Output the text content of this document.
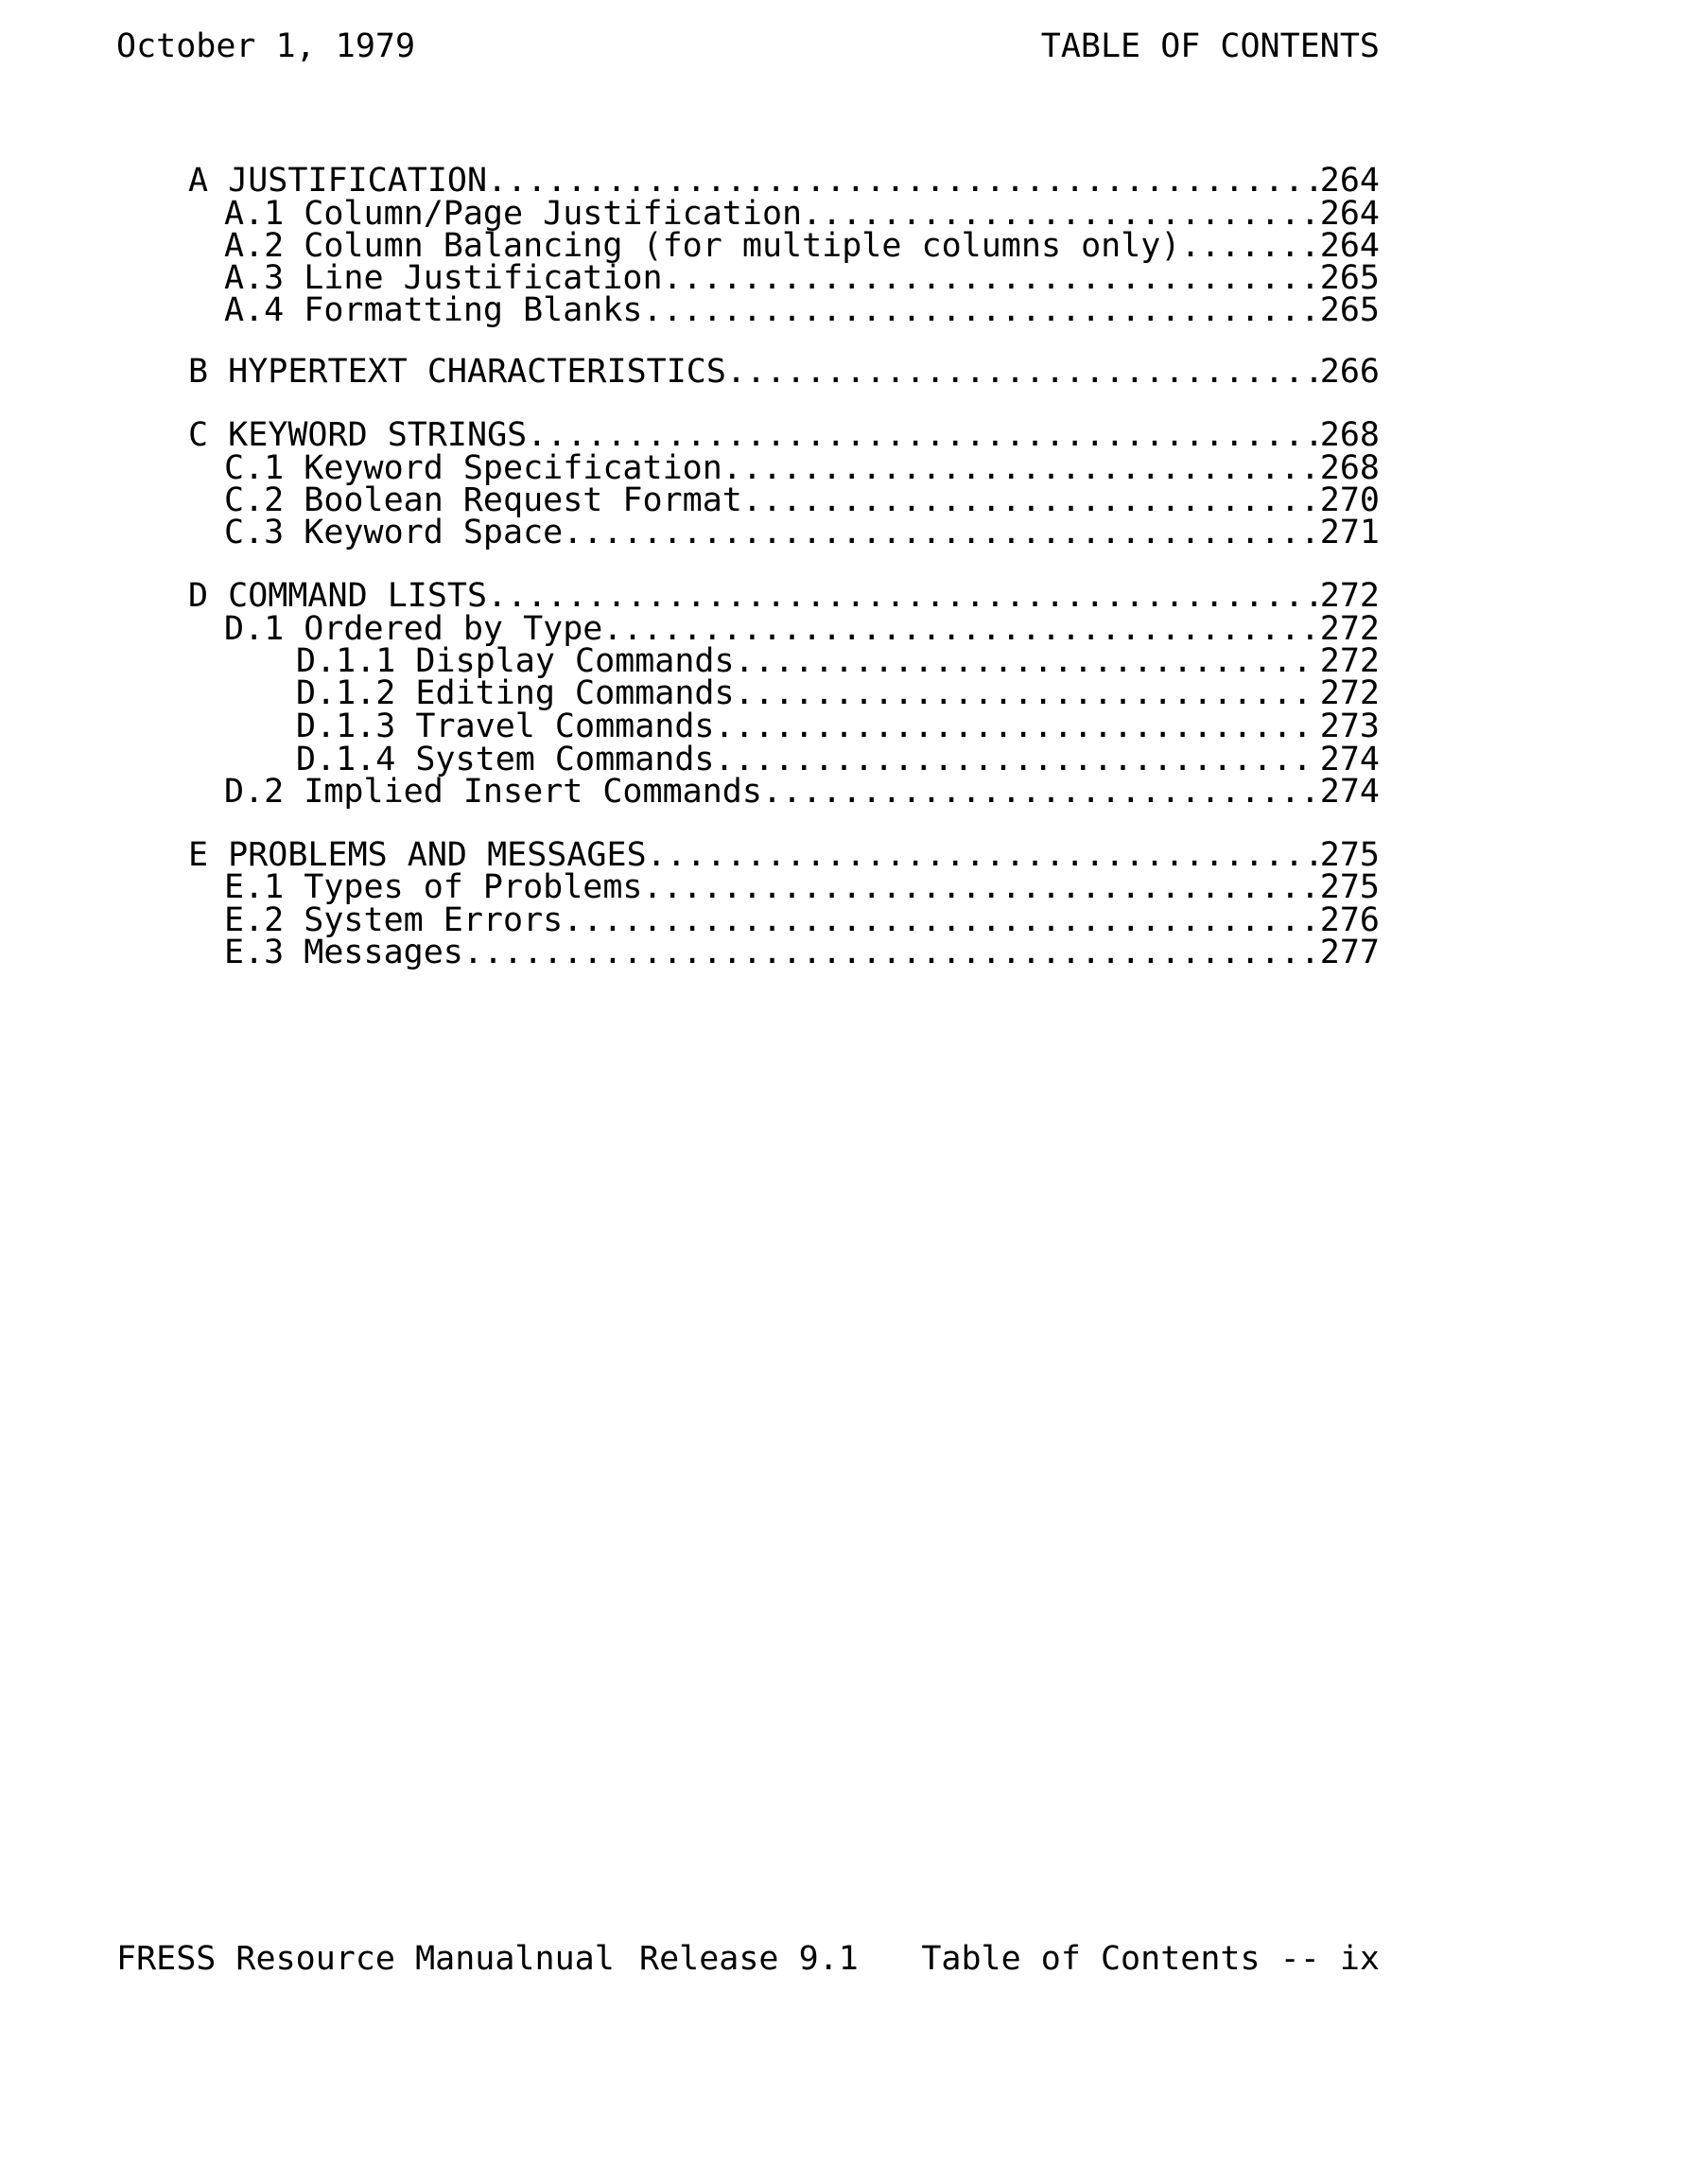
October 1, 1979	TABLE OF CONTENTS
A JUSTIFICATION .....	264
A.1 Column/Page Justification .....	264
A.2 Column Balancing (for multiple columns only) .....	264
A.3 Line Justification .....	265
A.4 Formatting Blanks .....	265
B HYPERTEXT CHARACTERISTICS .....	266
C KEYWORD STRINGS .....	268
C.1 Keyword Specification .....	268
C.2 Boolean Request Format .....	270
C.3 Keyword Space .....	271
D COMMAND LISTS .....	272
D.1 Ordered by Type .....	272
D.1.1 Display Commands .....	272
D.1.2 Editing Commands .....	272
D.1.3 Travel Commands .....	273
D.1.4 System Commands .....	274
D.2 Implied Insert Commands .....	274
E PROBLEMS AND MESSAGES .....	275
E.1 Types of Problems .....	275
E.2 System Errors .....	276
E.3 Messages .....	277
FRESS Resource Manualnual Release 9.1 Table of Contents -- ix
